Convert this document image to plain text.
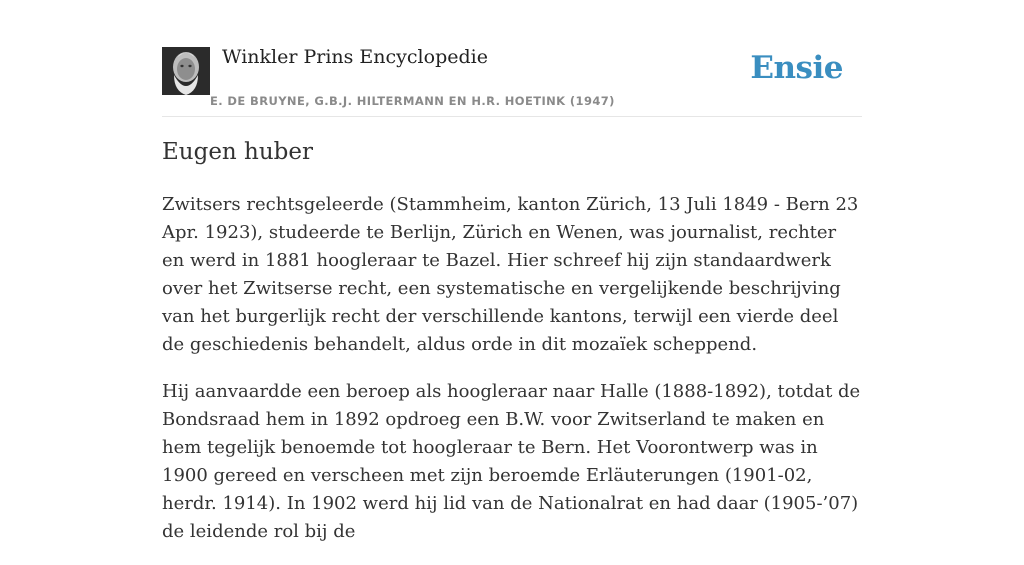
Winkler Prins Encyclopedie
E. DE BRUYNE, G.B.J. HILTERMANN EN H.R. HOETINK (1947)
Ensie
Eugen huber

Zwitsers rechtsgeleerde (Stammheim, kanton Zürich, 13 Juli 1849 - Bern 23 Apr. 1923), studeerde te Berlijn, Zürich en Wenen, was journalist, rechter en werd in 1881 hoogleraar te Bazel. Hier schreef hij zijn standaardwerk over het Zwitserse recht, een systematische en vergelijkende beschrijving van het burgerlijk recht der verschillende kantons, terwijl een vierde deel de geschiedenis behandelt, aldus orde in dit mozaïek scheppend.

Hij aanvaardde een beroep als hoogleraar naar Halle (1888-1892), totdat de Bondsraad hem in 1892 opdroeg een B.W. voor Zwitserland te maken en hem tegelijk benoemde tot hoogleraar te Bern. Het Voorontwerp was in 1900 gereed en verscheen met zijn beroemde Erläuterungen (1901-02, herdr. 1914). In 1902 werd hij lid van de Nationalrat en had daar (1905-’07) de leidende rol bij de
